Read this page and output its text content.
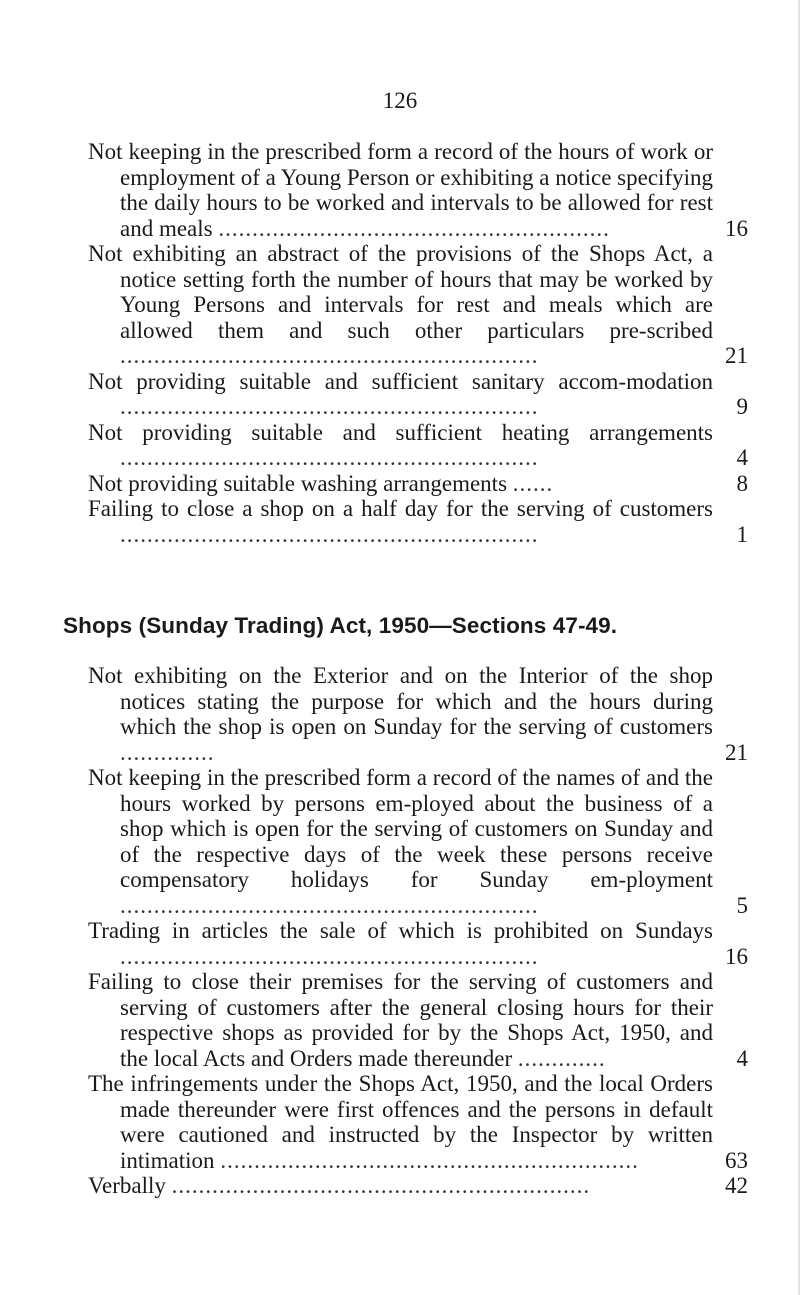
126

Not keeping in the prescribed form a record of the hours of work or employment of a Young Person or exhibiting a notice specifying the daily hours to be worked and intervals to be allowed for rest and meals ..........................................................	16

Not exhibiting an abstract of the provisions of the Shops Act, a notice setting forth the number of hours that may be worked by Young Persons and intervals for rest and meals which are allowed them and such other particulars pre-scribed ..............................................................	21

Not providing suitable and sufficient sanitary accom-modation ..............................................................	9

Not providing suitable and sufficient heating arrangements ..............................................................	4

Not providing suitable washing arrangements ......	8

Failing to close a shop on a half day for the serving of customers ..............................................................	1
Shops (Sunday Trading) Act, 1950—Sections 47-49.

Not exhibiting on the Exterior and on the Interior of the shop notices stating the purpose for which and the hours during which the shop is open on Sunday for the serving of customers ..............	21

Not keeping in the prescribed form a record of the names of and the hours worked by persons em-ployed about the business of a shop which is open for the serving of customers on Sunday and of the respective days of the week these persons receive compensatory holidays for Sunday em-ployment ..............................................................	5

Trading in articles the sale of which is prohibited on Sundays ..............................................................	16

Failing to close their premises for the serving of customers and serving of customers after the general closing hours for their respective shops as provided for by the Shops Act, 1950, and the local Acts and Orders made thereunder .............	4

The infringements under the Shops Act, 1950, and the local Orders made thereunder were first offences and the persons in default were cautioned and instructed by the Inspector by written intimation ..............................................................	63

Verbally ..............................................................	42
